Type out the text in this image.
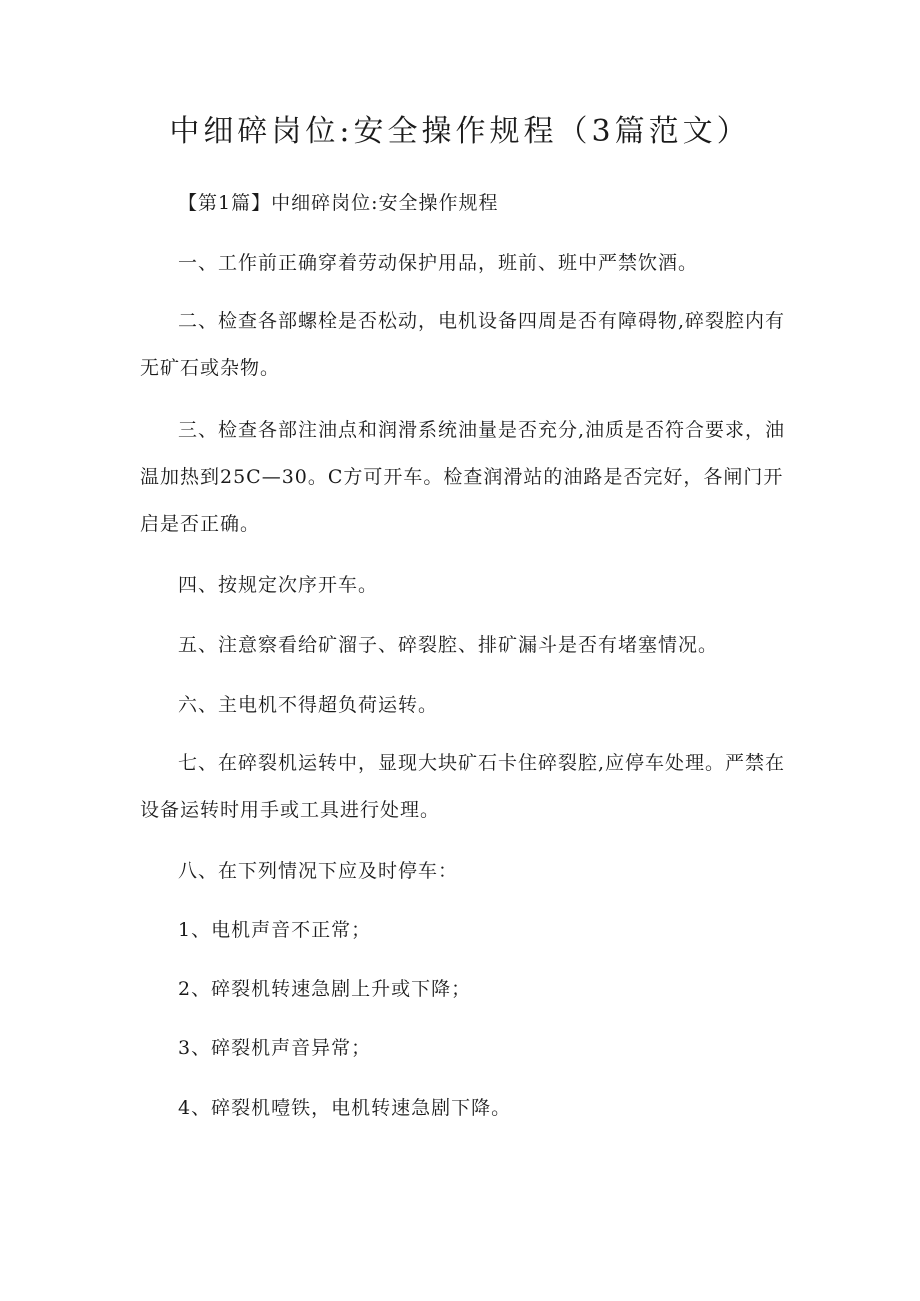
中细碎岗位:安全操作规程（3篇范文）

【第1篇】中细碎岗位:安全操作规程

一、工作前正确穿着劳动保护用品，班前、班中严禁饮酒。

二、检查各部螺栓是否松动，电机设备四周是否有障碍物,碎裂腔内有无矿石或杂物。

三、检查各部注油点和润滑系统油量是否充分,油质是否符合要求，油温加热到25C—30。C方可开车。检查润滑站的油路是否完好，各闸门开启是否正确。

四、按规定次序开车。

五、注意察看给矿溜子、碎裂腔、排矿漏斗是否有堵塞情况。

六、主电机不得超负荷运转。

七、在碎裂机运转中，显现大块矿石卡住碎裂腔,应停车处理。严禁在设备运转时用手或工具进行处理。

八、在下列情况下应及时停车：

1、电机声音不正常；

2、碎裂机转速急剧上升或下降；

3、碎裂机声音异常；

4、碎裂机噎铁，电机转速急剧下降。
